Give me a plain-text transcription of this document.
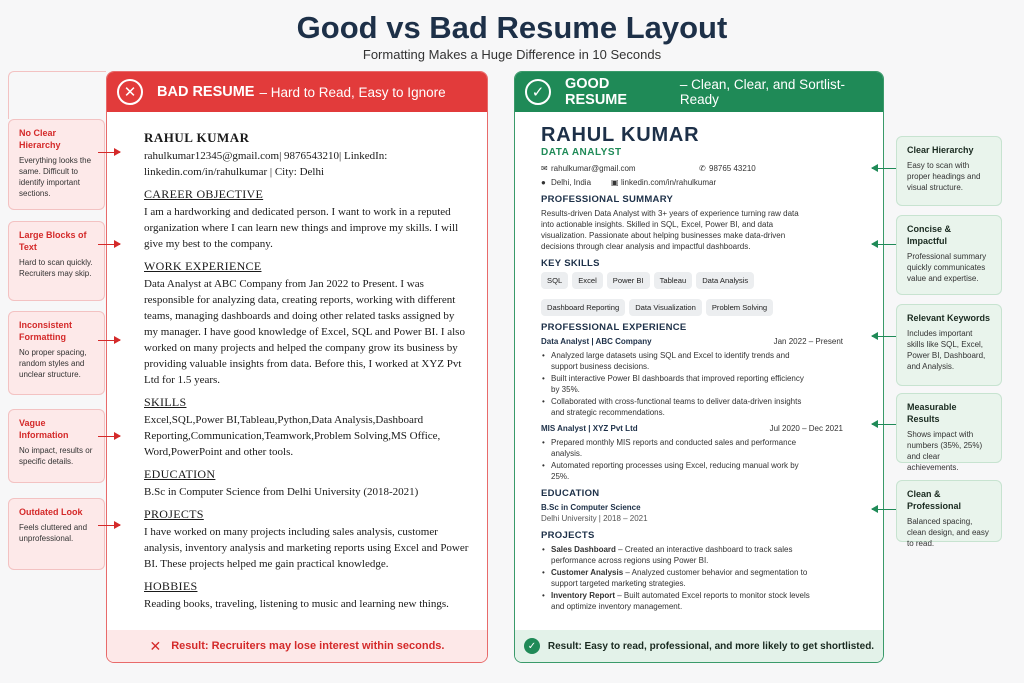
Good vs Bad Resume Layout
Formatting Makes a Huge Difference in 10 Seconds
✕	BAD RESUME – Hard to Read, Easy to Ignore
RAHUL KUMAR
rahulkumar12345@gmail.com| 9876543210| LinkedIn:
linkedin.com/in/rahulkumar | City: Delhi
CAREER OBJECTIVE
I am a hardworking and dedicated person. I want to work in a reputed organization where I can learn new things and improve my skills. I will give my best to the company.
WORK EXPERIENCE
Data Analyst at ABC Company from Jan 2022 to Present. I was responsible for analyzing data, creating reports, working with different teams, managing dashboards and doing other related tasks assigned by my manager. I have good knowledge of Excel, SQL and Power BI. I also worked on many projects and helped the company grow its business by providing valuable insights from data. Before this, I worked at XYZ Pvt Ltd for 1.5 years.
SKILLS
Excel,SQL,Power BI,Tableau,Python,Data Analysis,Dashboard Reporting,Communication,Teamwork,Problem Solving,MS Office, Word,PowerPoint and other tools.
EDUCATION
B.Sc in Computer Science from Delhi University (2018-2021)
PROJECTS
I have worked on many projects including sales analysis, customer analysis, inventory analysis and marketing reports using Excel and Power BI. These projects helped me gain practical knowledge.
HOBBIES
Reading books, traveling, listening to music and learning new things.
✕ Result: Recruiters may lose interest within seconds.
✓	GOOD RESUME
– Clean, Clear, and Sortlist-Ready
RAHUL KUMAR
DATA ANALYST
✉ rahulkumar@gmail.com	✆ 98765 43210
● Delhi, India	▣ linkedin.com/in/rahulkumar
PROFESSIONAL SUMMARY
Results-driven Data Analyst with 3+ years of experience turning raw data into actionable insights. Skilled in SQL, Excel, Power BI, and data visualization. Passionate about helping businesses make data-driven decisions through clear analysis and impactful dashboards.
KEY SKILLS
SQL	Excel	Power BI	Tableau	Data Analysis
Dashboard Reporting	Data Visualization	Problem Solving
PROFESSIONAL EXPERIENCE
Data Analyst | ABC Company	Jan 2022 – Present
• Analyzed large datasets using SQL and Excel to identify trends and support business decisions.
• Built interactive Power BI dashboards that improved reporting efficiency by 35%.
• Collaborated with cross-functional teams to deliver data-driven insights and strategic recommendations.
MIS Analyst | XYZ Pvt Ltd	Jul 2020 – Dec 2021
• Prepared monthly MIS reports and conducted sales and performance analysis.
• Automated reporting processes using Excel, reducing manual work by 25%.
EDUCATION
B.Sc in Computer Science
Delhi University | 2018 – 2021
PROJECTS
• Sales Dashboard – Created an interactive dashboard to track sales performance across regions using Power BI.
• Customer Analysis – Analyzed customer behavior and segmentation to support targeted marketing strategies.
• Inventory Report – Built automated Excel reports to monitor stock levels and optimize inventory management.
✓	Result: Easy to read, professional, and more likely to get shortlisted.
No Clear Hierarchy
Everything looks the same. Difficult to identify important sections.
Large Blocks of Text
Hard to scan quickly. Recruiters may skip.
Inconsistent Formatting
No proper spacing, random styles and unclear structure.
Vague Information
No impact, results or specific details.
Outdated Look
Feels cluttered and unprofessional.
Clear Hierarchy
Easy to scan with proper headings and visual structure.
Concise & Impactful
Professional summary quickly communicates value and expertise.
Relevant Keywords
Includes important skills like SQL, Excel, Power BI, Dashboard, and Analysis.
Measurable Results
Shows impact with numbers (35%, 25%) and clear achievements.
Clean & Professional
Balanced spacing, clean design, and easy to read.
